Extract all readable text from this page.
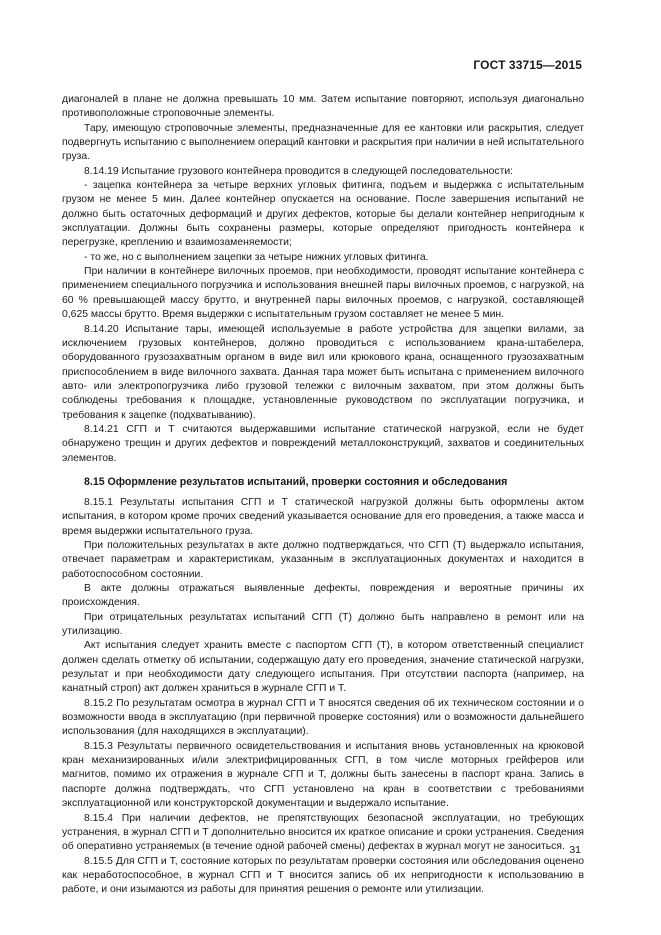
ГОСТ 33715—2015

диагоналей в плане не должна превышать 10 мм. Затем испытание повторяют, используя диагонально противоположные строповочные элементы.

Тару, имеющую строповочные элементы, предназначенные для ее кантовки или раскрытия, следует подвергнуть испытанию с выполнением операций кантовки и раскрытия при наличии в ней испытательного груза.

8.14.19 Испытание грузового контейнера проводится в следующей последовательности:

- зацепка контейнера за четыре верхних угловых фитинга, подъем и выдержка с испытательным грузом не менее 5 мин. Далее контейнер опускается на основание. После завершения испытаний не должно быть остаточных деформаций и других дефектов, которые бы делали контейнер непригодным к эксплуатации. Должны быть сохранены размеры, которые определяют пригодность контейнера к перегрузке, креплению и взаимозаменяемости;

- то же, но с выполнением зацепки за четыре нижних угловых фитинга.

При наличии в контейнере вилочных проемов, при необходимости, проводят испытание контейнера с применением специального погрузчика и использования внешней пары вилочных проемов, с нагрузкой, на 60 % превышающей массу брутто, и внутренней пары вилочных проемов, с нагрузкой, составляющей 0,625 массы брутто. Время выдержки с испытательным грузом составляет не менее 5 мин.

8.14.20 Испытание тары, имеющей используемые в работе устройства для зацепки вилами, за исключением грузовых контейнеров, должно проводиться с использованием крана-штабелера, оборудованного грузозахватным органом в виде вил или крюкового крана, оснащенного грузозахватным приспособлением в виде вилочного захвата. Данная тара может быть испытана с применением вилочного авто- или электропогрузчика либо грузовой тележки с вилочным захватом, при этом должны быть соблюдены требования к площадке, установленные руководством по эксплуатации погрузчика, и требования к зацепке (подхватыванию).

8.14.21 СГП и Т считаются выдержавшими испытание статической нагрузкой, если не будет обнаружено трещин и других дефектов и повреждений металлоконструкций, захватов и соединительных элементов.

8.15 Оформление результатов испытаний, проверки состояния и обследования

8.15.1 Результаты испытания СГП и Т статической нагрузкой должны быть оформлены актом испытания, в котором кроме прочих сведений указывается основание для его проведения, а также масса и время выдержки испытательного груза.

При положительных результатах в акте должно подтверждаться, что СГП (Т) выдержало испытания, отвечает параметрам и характеристикам, указанным в эксплуатационных документах и находится в работоспособном состоянии.

В акте должны отражаться выявленные дефекты, повреждения и вероятные причины их происхождения.

При отрицательных результатах испытаний СГП (Т) должно быть направлено в ремонт или на утилизацию.

Акт испытания следует хранить вместе с паспортом СГП (Т), в котором ответственный специалист должен сделать отметку об испытании, содержащую дату его проведения, значение статической нагрузки, результат и при необходимости дату следующего испытания. При отсутствии паспорта (например, на канатный строп) акт должен храниться в журнале СГП и Т.

8.15.2 По результатам осмотра в журнал СГП и Т вносятся сведения об их техническом состоянии и о возможности ввода в эксплуатацию (при первичной проверке состояния) или о возможности дальнейшего использования (для находящихся в эксплуатации).

8.15.3 Результаты первичного освидетельствования и испытания вновь установленных на крюковой кран механизированных и/или электрифицированных СГП, в том числе моторных грейферов или магнитов, помимо их отражения в журнале СГП и Т, должны быть занесены в паспорт крана. Запись в паспорте должна подтверждать, что СГП установлено на кран в соответствии с требованиями эксплуатационной или конструкторской документации и выдержало испытание.

8.15.4 При наличии дефектов, не препятствующих безопасной эксплуатации, но требующих устранения, в журнал СГП и Т дополнительно вносится их краткое описание и сроки устранения. Сведения об оперативно устраняемых (в течение одной рабочей смены) дефектах в журнал могут не заноситься.

8.15.5 Для СГП и Т, состояние которых по результатам проверки состояния или обследования оценено как неработоспособное, в журнал СГП и Т вносится запись об их непригодности к использованию в работе, и они изымаются из работы для принятия решения о ремонте или утилизации.

31
